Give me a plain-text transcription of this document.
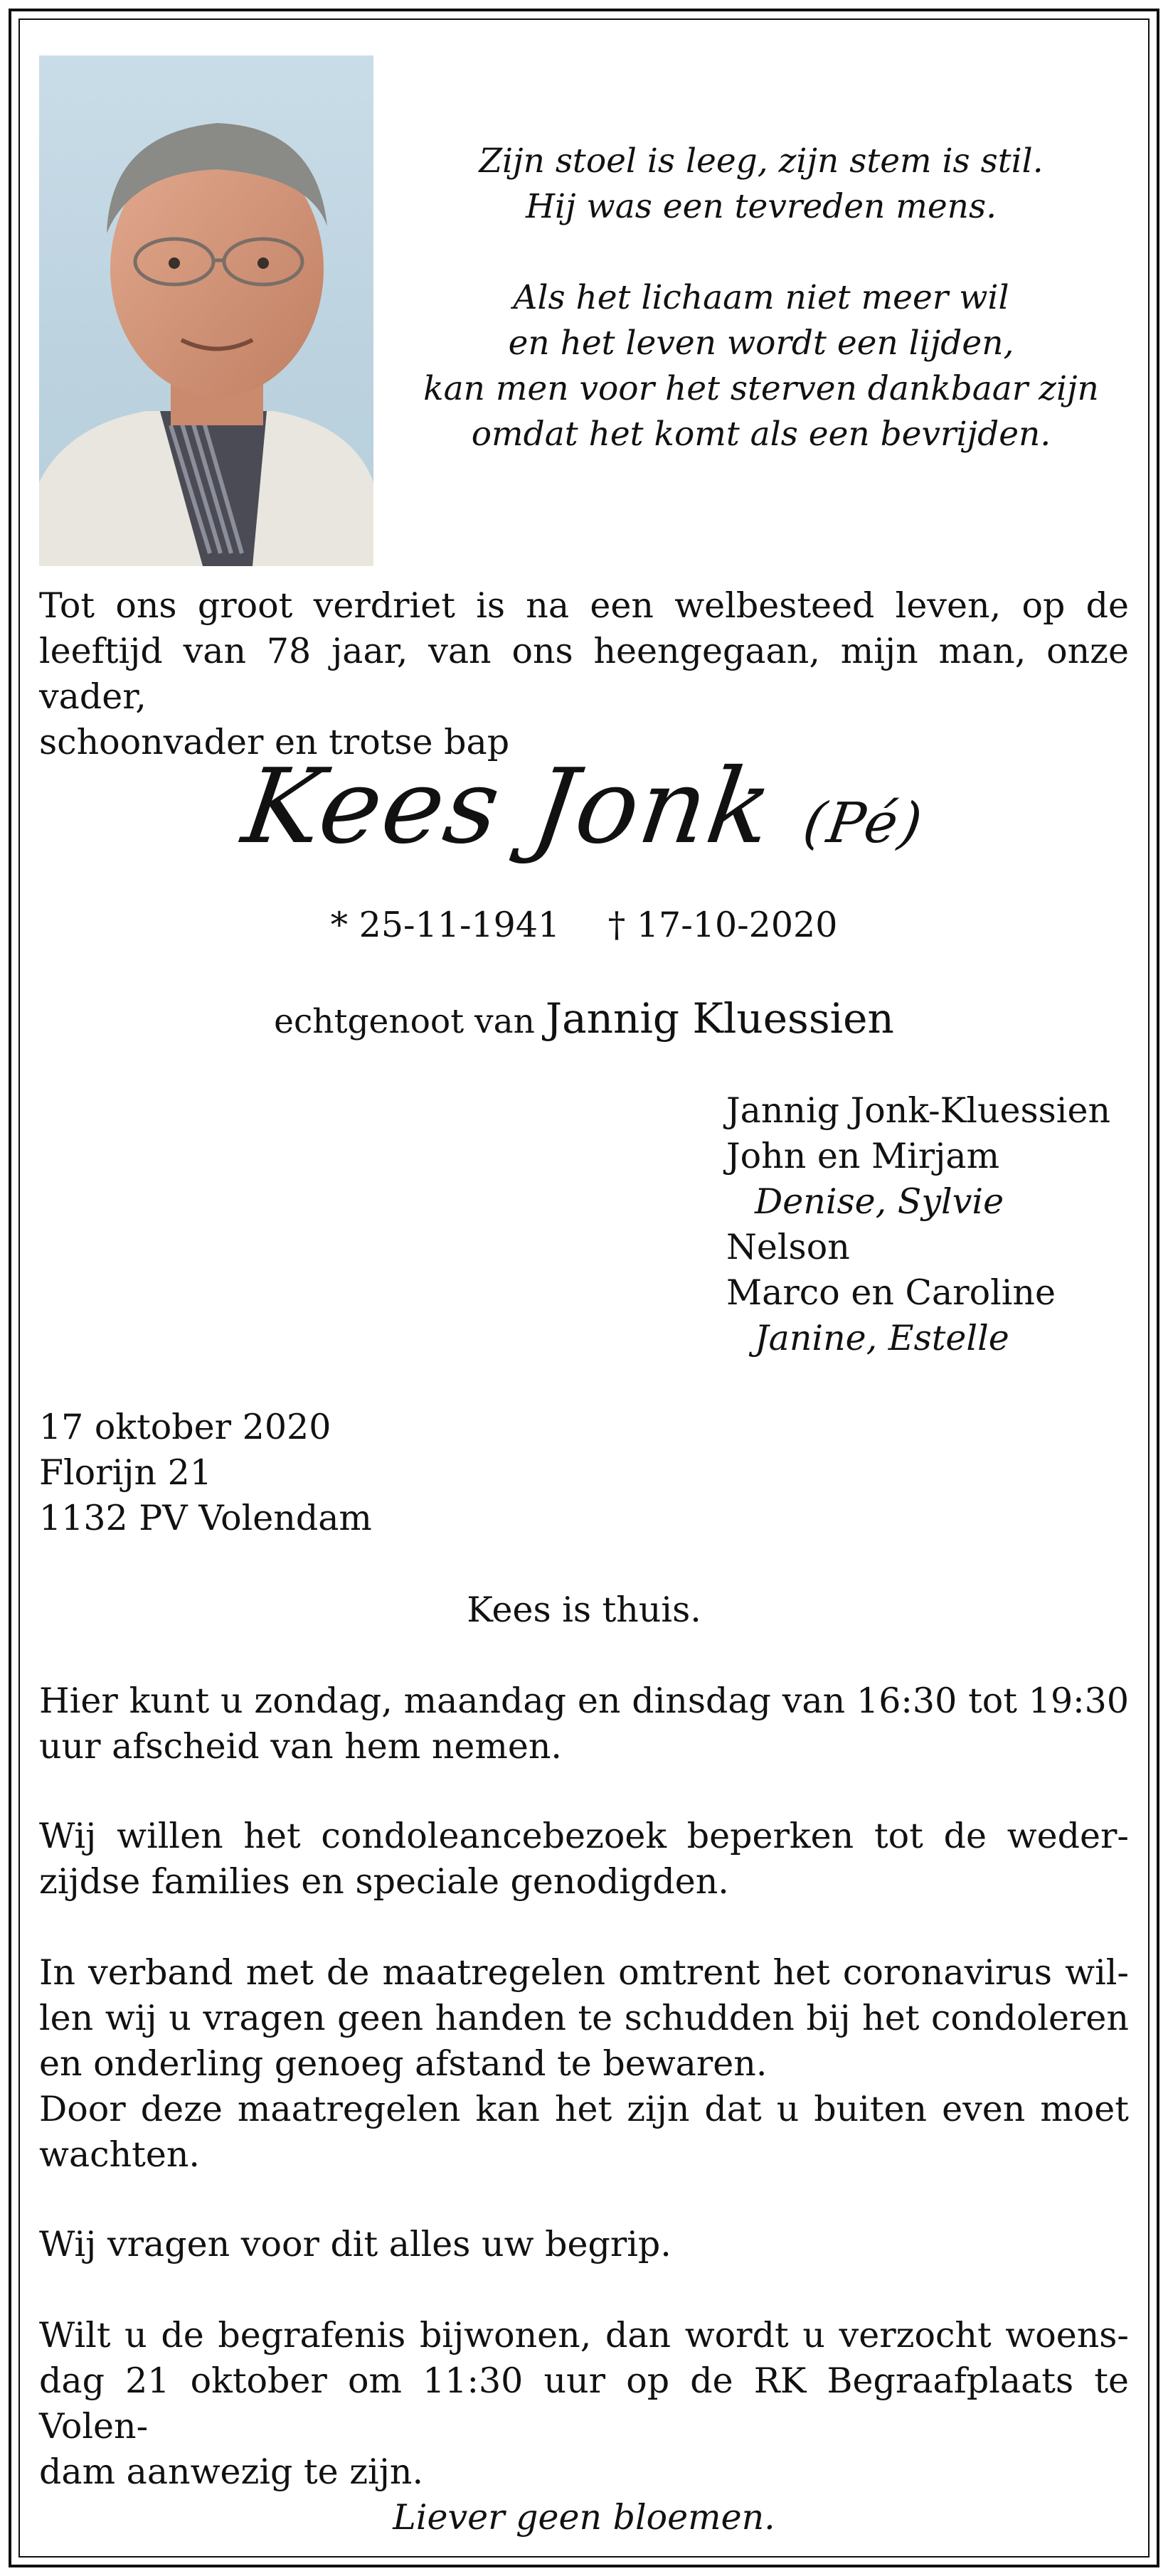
Zijn stoel is leeg, zijn stem is stil.
Hij was een tevreden mens.
Als het lichaam niet meer wil
en het leven wordt een lijden,
kan men voor het sterven dankbaar zijn
omdat het komt als een bevrijden.
Tot ons groot verdriet is na een welbesteed leven, op de
leeftijd van 78 jaar, van ons heengegaan, mijn man, onze vader,
schoonvader en trotse bap
Kees Jonk (Pé)
* 25-11-1941 † 17-10-2020
echtgenoot van Jannig Kluessien
Jannig Jonk-Kluessien
John en Mirjam
Denise, Sylvie
Nelson
Marco en Caroline
Janine, Estelle
17 oktober 2020
Florijn 21
1132 PV Volendam
Kees is thuis.
Hier kunt u zondag, maandag en dinsdag van 16:30 tot 19:30
uur afscheid van hem nemen.
Wij willen het condoleancebezoek beperken tot de weder-
zijdse families en speciale genodigden.
In verband met de maatregelen omtrent het coronavirus wil-
len wij u vragen geen handen te schudden bij het condoleren
en onderling genoeg afstand te bewaren.
Door deze maatregelen kan het zijn dat u buiten even moet
wachten.
Wij vragen voor dit alles uw begrip.
Wilt u de begrafenis bijwonen, dan wordt u verzocht woens-
dag 21 oktober om 11:30 uur op de RK Begraafplaats te Volen-
dam aanwezig te zijn.
Liever geen bloemen.
